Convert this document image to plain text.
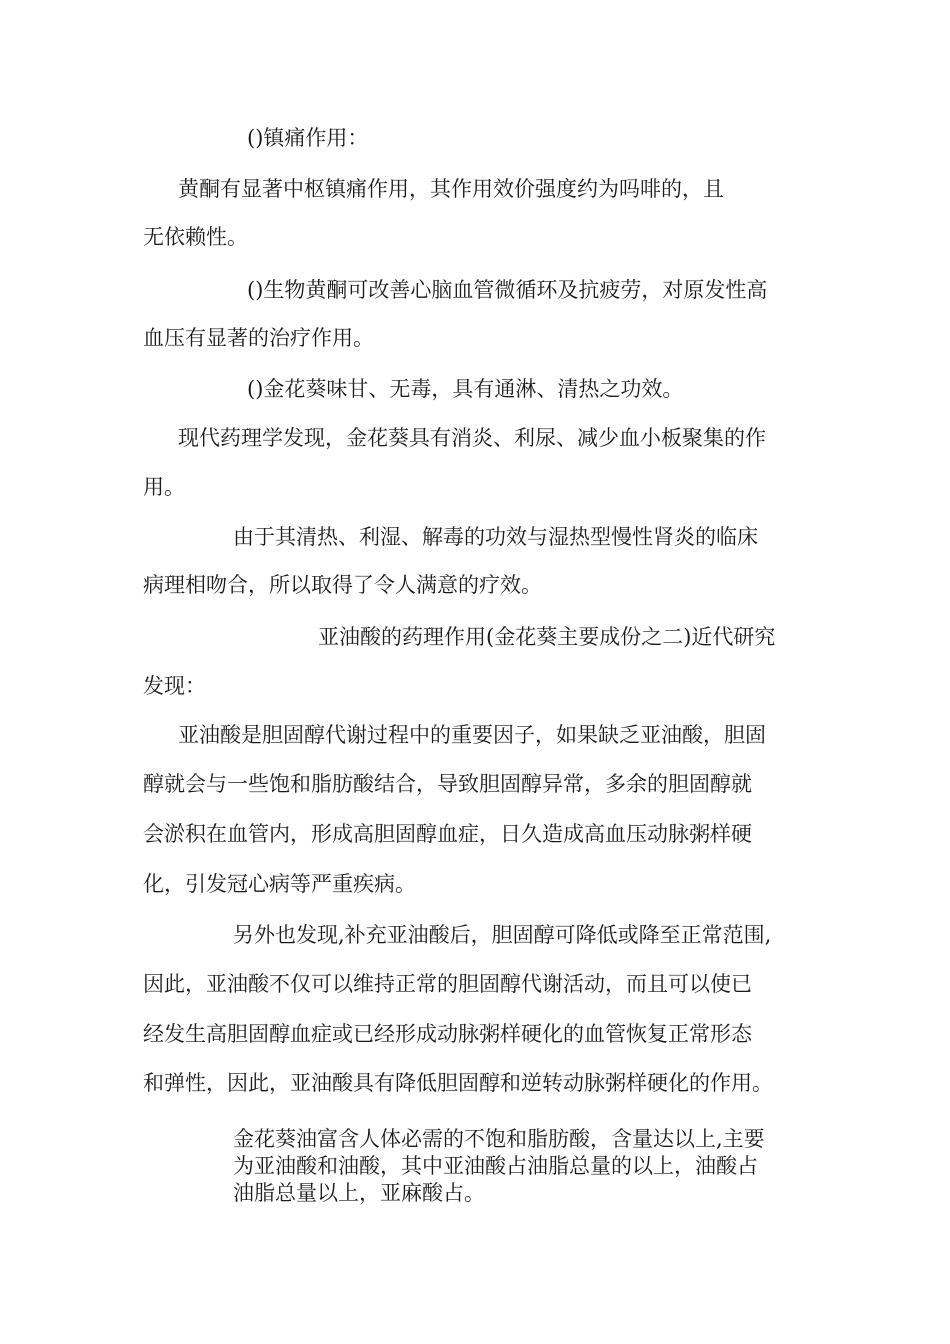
()镇痛作用：
黄酮有显著中枢镇痛作用，其作用效价强度约为吗啡的，且
无依赖性。
()生物黄酮可改善心脑血管微循环及抗疲劳，对原发性高
血压有显著的治疗作用。
()金花葵味甘、无毒，具有通淋、清热之功效。
现代药理学发现，金花葵具有消炎、利尿、减少血小板聚集的作
用。
由于其清热、利湿、解毒的功效与湿热型慢性肾炎的临床
病理相吻合，所以取得了令人满意的疗效。
亚油酸的药理作用(金花葵主要成份之二)近代研究
发现：
亚油酸是胆固醇代谢过程中的重要因子，如果缺乏亚油酸，胆固
醇就会与一些饱和脂肪酸结合，导致胆固醇异常，多余的胆固醇就
会淤积在血管内，形成高胆固醇血症，日久造成高血压动脉粥样硬
化，引发冠心病等严重疾病。
另外也发现,补充亚油酸后，胆固醇可降低或降至正常范围,
因此，亚油酸不仅可以维持正常的胆固醇代谢活动，而且可以使已
经发生高胆固醇血症或已经形成动脉粥样硬化的血管恢复正常形态
和弹性，因此，亚油酸具有降低胆固醇和逆转动脉粥样硬化的作用。
金花葵油富含人体必需的不饱和脂肪酸，含量达以上,主要
为亚油酸和油酸，其中亚油酸占油脂总量的以上，油酸占
油脂总量以上，亚麻酸占。
